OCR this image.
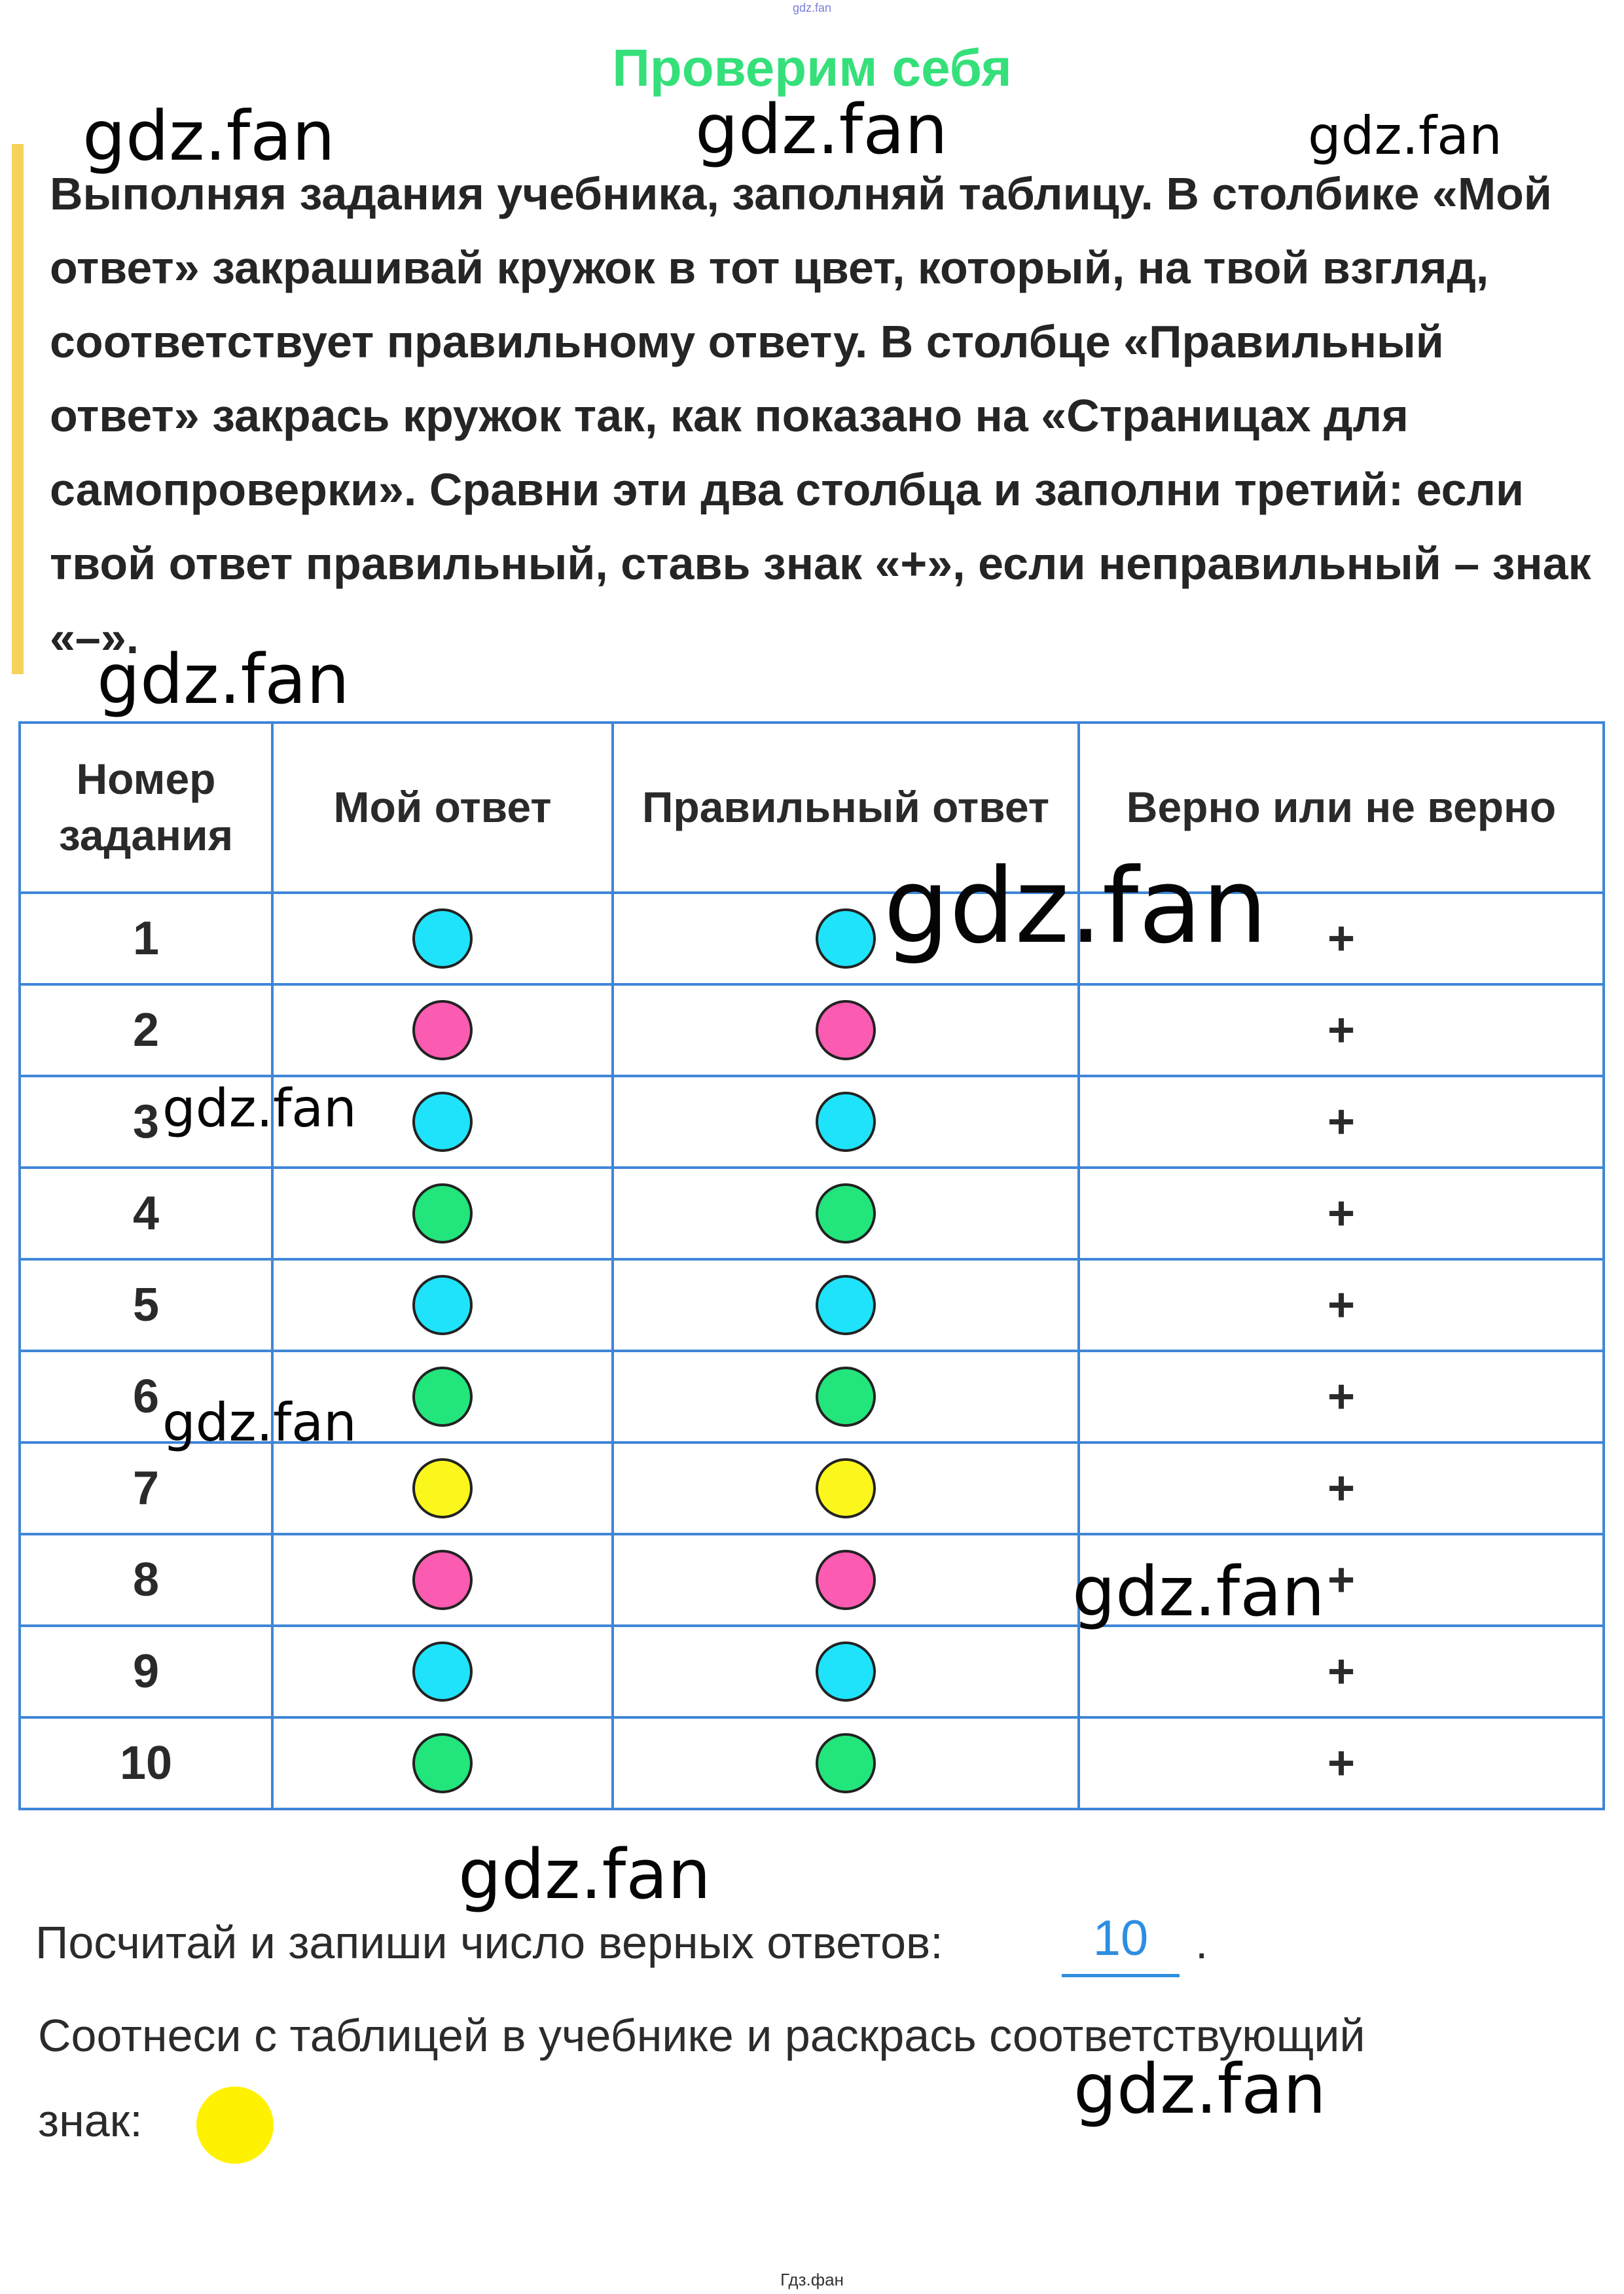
gdz.fan
Проверим себя
Выполняя задания учебника, заполняй таблицу. В столбике «Мой ответ» закрашивай кружок в тот цвет, который, на твой взгляд, соответствует правильному ответу. В столбце «Правильный ответ» закрась кружок так, как показано на «Страницах для самопроверки». Сравни эти два столбца и заполни третий: если твой ответ правильный, ставь знак «+», если неправильный – знак «–».
Номер задания	Мой ответ	Правильный ответ	Верно или не верно
1			+
2			+
3			+
4			+
5			+
6			+
7			+
8			+
9			+
10			+
Посчитай и запиши число верных ответов:	10	.
Соотнеси с таблицей в учебнике и раскрась соответствующий
знак:
gdz.fan	gdz.fan	gdz.fan
gdz.fan
gdz.fan
gdz.fan
gdz.fan
gdz.fan
gdz.fan
gdz.fan
Гдз.фан
